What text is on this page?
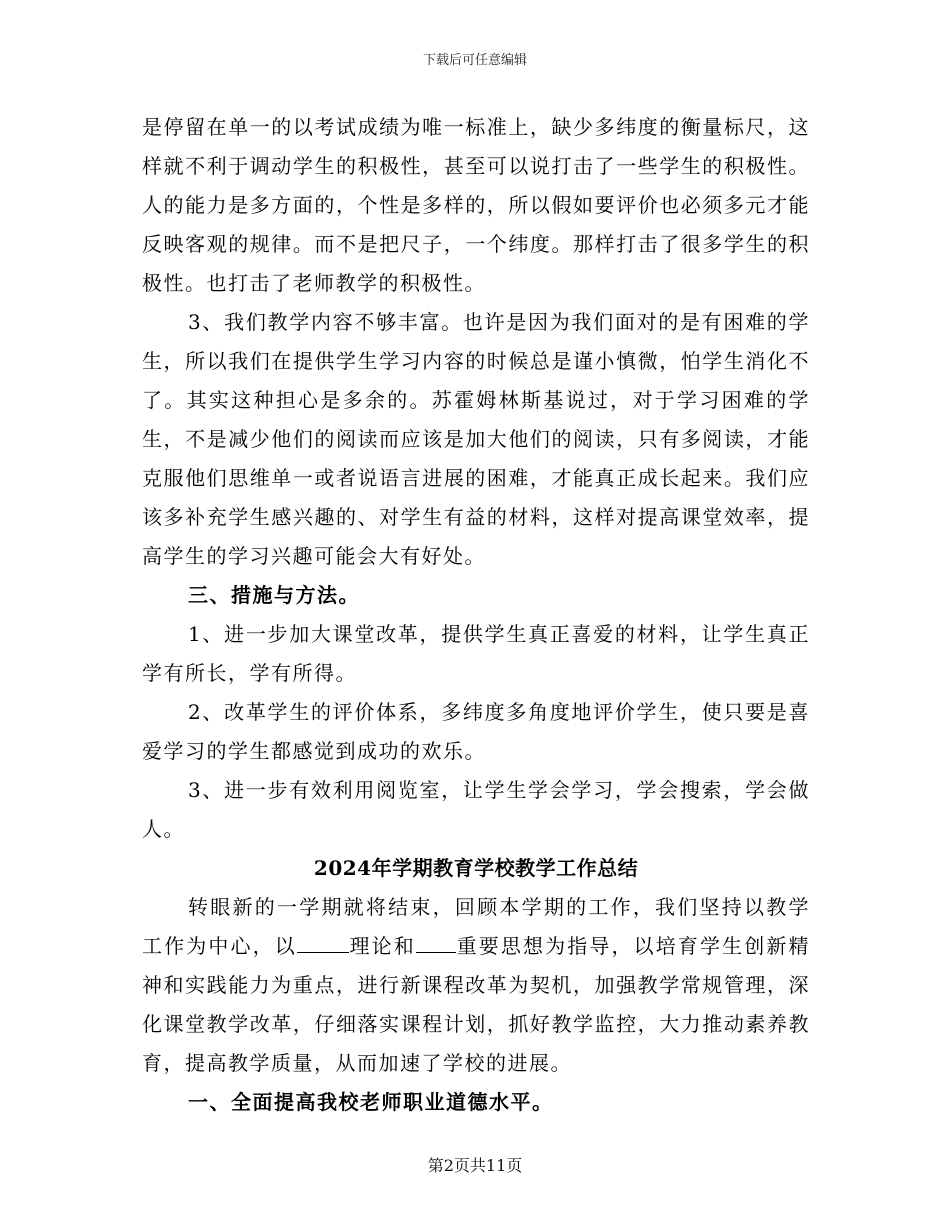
下载后可任意编辑

是停留在单一的以考试成绩为唯一标准上，缺少多纬度的衡量标尺，这样就不利于调动学生的积极性，甚至可以说打击了一些学生的积极性。人的能力是多方面的，个性是多样的，所以假如要评价也必须多元才能反映客观的规律。而不是把尺子，一个纬度。那样打击了很多学生的积极性。也打击了老师教学的积极性。

3、我们教学内容不够丰富。也许是因为我们面对的是有困难的学生，所以我们在提供学生学习内容的时候总是谨小慎微，怕学生消化不了。其实这种担心是多余的。苏霍姆林斯基说过，对于学习困难的学生，不是减少他们的阅读而应该是加大他们的阅读，只有多阅读，才能克服他们思维单一或者说语言进展的困难，才能真正成长起来。我们应该多补充学生感兴趣的、对学生有益的材料，这样对提高课堂效率，提高学生的学习兴趣可能会大有好处。

三、措施与方法。

1、进一步加大课堂改革，提供学生真正喜爱的材料，让学生真正学有所长，学有所得。

2、改革学生的评价体系，多纬度多角度地评价学生，使只要是喜爱学习的学生都感觉到成功的欢乐。

3、进一步有效利用阅览室，让学生学会学习，学会搜索，学会做人。

2024年学期教育学校教学工作总结

转眼新的一学期就将结束，回顾本学期的工作，我们坚持以教学工作为中心，以	理论和 重要思想为指导，以培育学生创新精神和实践能力为重点，进行新课程改革为契机，加强教学常规管理，深化课堂教学改革，仔细落实课程计划，抓好教学监控，大力推动素养教育，提高教学质量，从而加速了学校的进展。

一、全面提高我校老师职业道德水平。

第2页共11页
